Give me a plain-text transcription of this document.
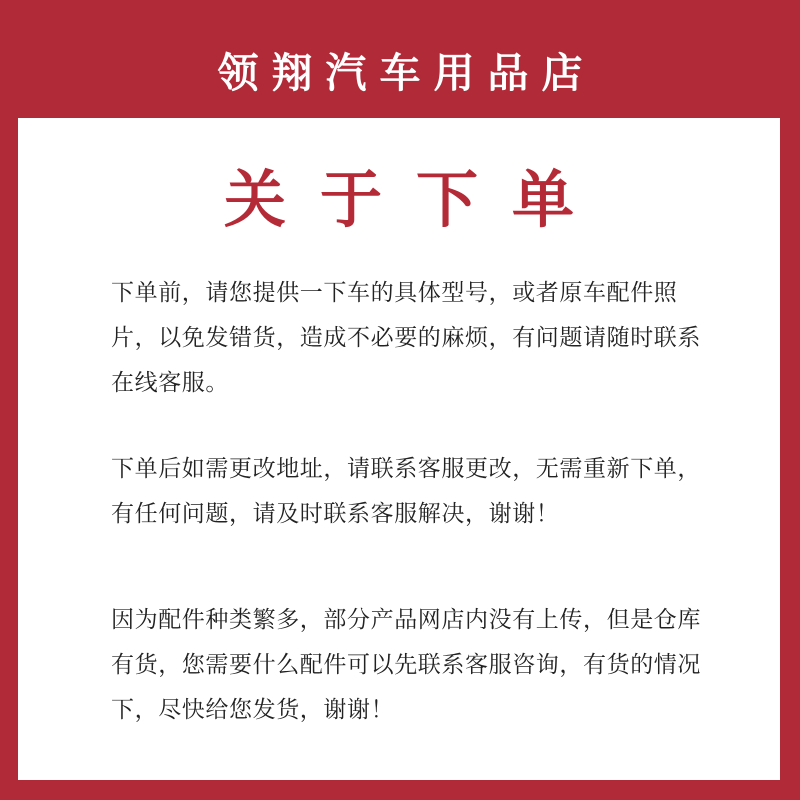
领翔汽车用品店
关于下单
下单前，请您提供一下车的具体型号，或者原车配件照片，以免发错货，造成不必要的麻烦，有问题请随时联系在线客服。
下单后如需更改地址，请联系客服更改，无需重新下单，有任何问题，请及时联系客服解决，谢谢！
因为配件种类繁多，部分产品网店内没有上传，但是仓库有货，您需要什么配件可以先联系客服咨询，有货的情况下，尽快给您发货，谢谢！
